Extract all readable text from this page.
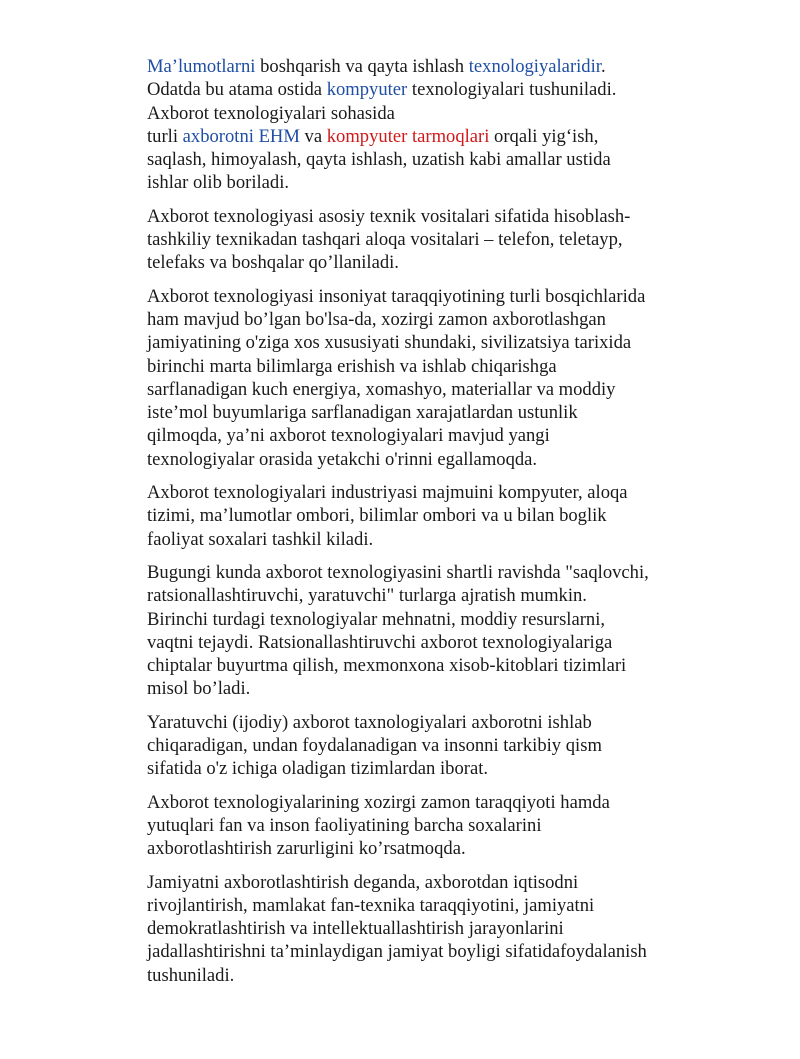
Ma’lumotlarni boshqarish va qayta ishlash texnologiyalaridir.
Odatda bu atama ostida kompyuter texnologiyalari tushuniladi.
Axborot texnologiyalari sohasida
turli axborotni EHM va kompyuter tarmoqlari orqali yig‘ish,
saqlash, himoyalash, qayta ishlash, uzatish kabi amallar ustida
ishlar olib boriladi.

Axborot texnologiyasi asosiy texnik vositalari sifatida hisoblash-
tashkiliy texnikadan tashqari aloqa vositalari – telefon, teletayp,
telefaks va boshqalar qo’llaniladi.

Axborot texnologiyasi insoniyat taraqqiyotining turli bosqichlarida
ham mavjud bo’lgan bo'lsa-da, xozirgi zamon axborotlashgan
jamiyatining o'ziga xos xususiyati shundaki, sivilizatsiya tarixida
birinchi marta bilimlarga erishish va ishlab chiqarishga
sarflanadigan kuch energiya, xomashyo, materiallar va moddiy
iste’mol buyumlariga sarflanadigan xarajatlardan ustunlik
qilmoqda, ya’ni axborot texnologiyalari mavjud yangi
texnologiyalar orasida yetakchi o'rinni egallamoqda.

Axborot texnologiyalari industriyasi majmuini kompyuter, aloqa
tizimi, ma’lumotlar ombori, bilimlar ombori va u bilan boglik
faoliyat soxalari tashkil kiladi.

Bugungi kunda axborot texnologiyasini shartli ravishda "saqlovchi,
ratsionallashtiruvchi, yaratuvchi" turlarga ajratish mumkin.
Birinchi turdagi texnologiyalar mehnatni, moddiy resurslarni,
vaqtni tejaydi. Ratsionallashtiruvchi axborot texnologiyalariga
chiptalar buyurtma qilish, mexmonxona xisob-kitoblari tizimlari
misol bo’ladi.

Yaratuvchi (ijodiy) axborot taxnologiyalari axborotni ishlab
chiqaradigan, undan foydalanadigan va insonni tarkibiy qism
sifatida o'z ichiga oladigan tizimlardan iborat.

Axborot texnologiyalarining xozirgi zamon taraqqiyoti hamda
yutuqlari fan va inson faoliyatining barcha soxalarini
axborotlashtirish zarurligini ko’rsatmoqda.

Jamiyatni axborotlashtirish deganda, axborotdan iqtisodni
rivojlantirish, mamlakat fan-texnika taraqqiyotini, jamiyatni
demokratlashtirish va intellektuallashtirish jarayonlarini
jadallashtirishni ta’minlaydigan jamiyat boyligi sifatidafoydalanish
tushuniladi.
